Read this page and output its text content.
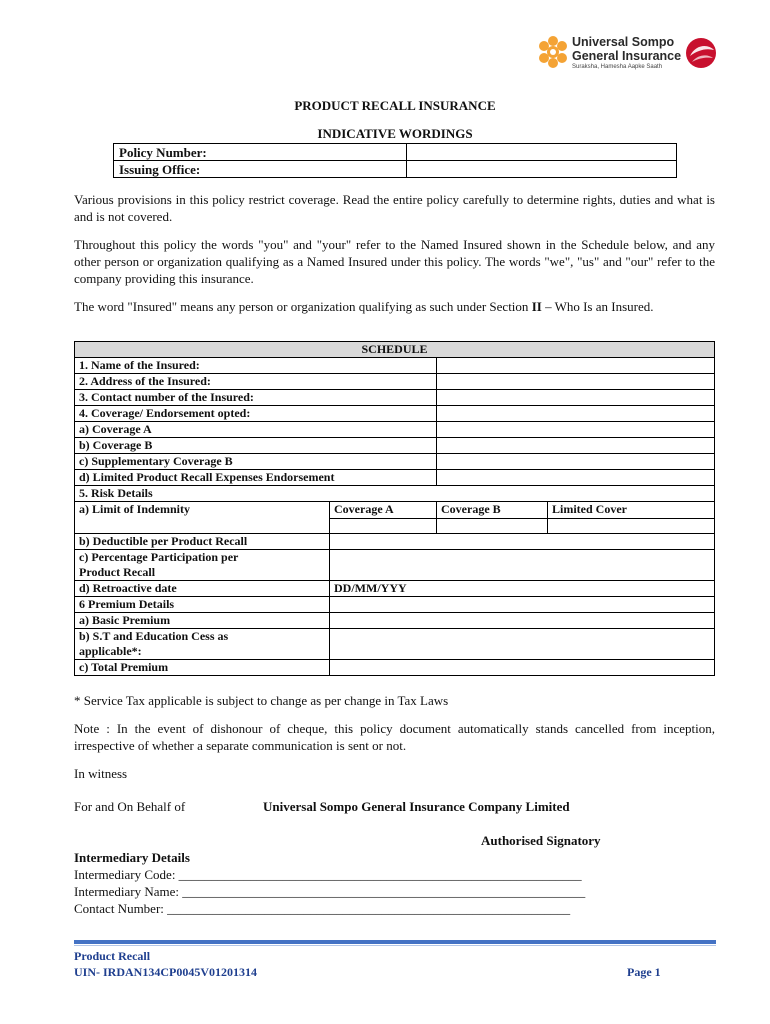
Universal Sompo
General Insurance
Suraksha, Hamesha Aapke Saath
PRODUCT RECALL INSURANCE
INDICATIVE WORDINGS
Policy Number:	
Issuing Office:	
Various provisions in this policy restrict coverage. Read the entire policy carefully to determine rights, duties and what is and is not covered.
Throughout this policy the words "you" and "your" refer to the Named Insured shown in the Schedule below, and any other person or organization qualifying as a Named Insured under this policy. The words "we", "us" and "our" refer to the company providing this insurance.
The word "Insured" means any person or organization qualifying as such under Section II – Who Is an Insured.
SCHEDULE			
1. Name of the Insured:			
2. Address of the Insured:			
3. Contact number of the Insured:			
4. Coverage/ Endorsement opted:			
a) Coverage A			
b) Coverage B			
c) Supplementary Coverage B			
d) Limited Product Recall Expenses Endorsement			
5. Risk Details			
a) Limit of Indemnity	Coverage A	Coverage B	Limited Cover

b) Deductible per Product Recall			
c) Percentage Participation per Product Recall			
d) Retroactive date	DD/MM/YYY		
6 Premium Details			
a) Basic Premium			
b) S.T and Education Cess as applicable*:			
c) Total Premium			
* Service Tax applicable is subject to change as per change in Tax Laws
Note : In the event of dishonour of cheque, this policy document automatically stands cancelled from inception, irrespective of whether a separate communication is sent or not.
In witness
For and On Behalf of	Universal Sompo General Insurance Company Limited
Authorised Signatory
Intermediary Details
Intermediary Code: ______________________________________________________________
Intermediary Name: ______________________________________________________________
Contact Number: ______________________________________________________________
Product Recall
UIN- IRDAN134CP0045V01201314	Page 1
